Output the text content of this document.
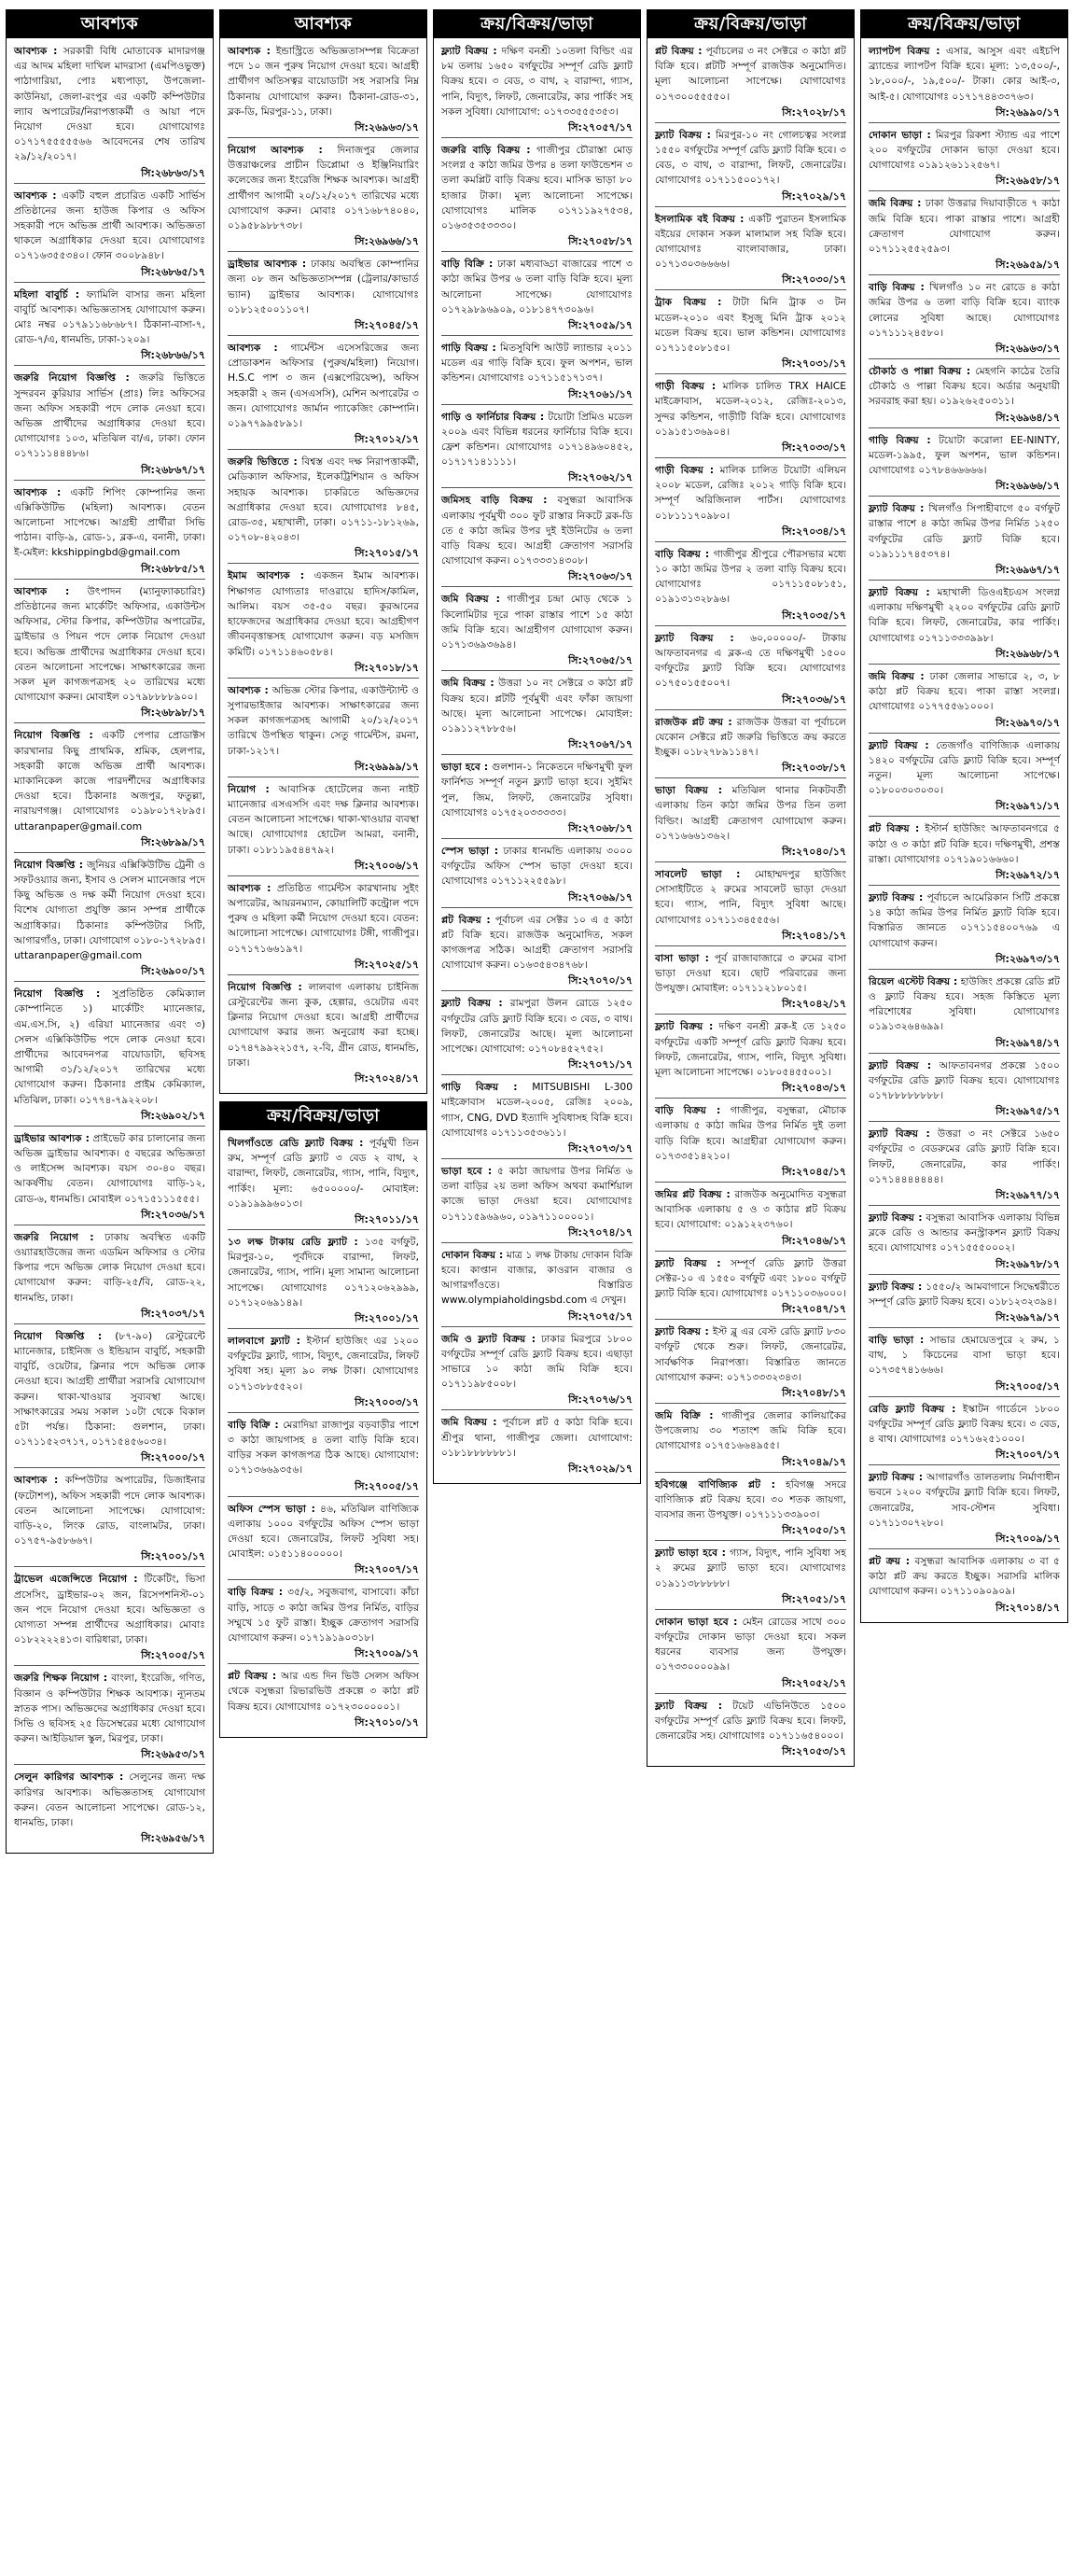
আবশ্যক
আবশ্যক : সরকারী বিধি মোতাবেক মাদারগঞ্জ এর আদম মহিলা দাখিল মাদরাসা (এমপিওভুক্ত) পাঠাগারিয়া, পোঃ মধ্যপাড়া, উপজেলা-কাউনিয়া, জেলা-রংপুর এর একটি কম্পিউটার ল্যাব অপারেটর/নিরাপত্তাকর্মী ও আয়া পদে নিয়োগ দেওয়া হবে। যোগাযোগঃ ০১৭১৭৫৫৫৫৫৬৬ আবেদনের শেষ তারিখ ২৯/১২/২০১৭।
সি:২৬৮৬৩/১৭
আবশ্যক : একটি বহুল প্রচারিত একটি সার্ভিস প্রতিষ্ঠানের জন্য হাউজ কিপার ও অফিস সহকারী পদে অভিজ্ঞ প্রার্থী আবশ্যক। অভিজ্ঞতা থাকলে অগ্রাধিকার দেওয়া হবে। যোগাযোগঃ ০১৭১৬৩৫৫৩৪০। ফোন ৩০০৮৯৪৮।
সি:২৬৮৬৫/১৭
মহিলা বাবুর্চি : ফ্যামিলি বাসার জন্য মহিলা বাবুর্চি আবশ্যক। অভিজ্ঞতাসহ যোগাযোগ করুন। মোঃ নম্বর ০১৭৯১১৬৮৬৮৭। ঠিকানা-বাসা-৭, রোড-৭/এ, ধানমন্ডি, ঢাকা-১২০৯।
সি:২৬৮৬৬/১৭
জরুরি নিয়োগ বিজ্ঞপ্তি : জরুরি ভিত্তিতে সুন্দরবন কুরিয়ার সার্ভিস (প্রাঃ) লিঃ অফিসের জন্য অফিস সহকারী পদে লোক নেওয়া হবে। অভিজ্ঞ প্রার্থীদের অগ্রাধিকার দেওয়া হবে। যোগাযোগঃ ১০৩, মতিঝিল বা/এ, ঢাকা। ফোন ০১৭১১১৪৪৪৮৬।
সি:২৬৮৬৭/১৭
আবশ্যক : একটি শিপিং কোম্পানির জন্য এক্সিকিউটিভ (মহিলা) আবশ্যক। বেতন আলোচনা সাপেক্ষে। আগ্রহী প্রার্থীরা সিভি পাঠান। বাড়ি-৯, রোড-১, ব্লক-এ, বনানী, ঢাকা। ই-মেইল: kkshippingbd@gmail.com
সি:২৬৮৮৫/১৭
আবশ্যক : উৎপাদন (ম্যানুফ্যাকচারিং) প্রতিষ্ঠানের জন্য মার্কেটিং অফিসার, একাউন্টস অফিসার, স্টোর কিপার, কম্পিউটার অপারেটর, ড্রাইভার ও পিয়ন পদে লোক নিয়োগ দেওয়া হবে। অভিজ্ঞ প্রার্থীদের অগ্রাধিকার দেওয়া হবে। বেতন আলোচনা সাপেক্ষে। সাক্ষাৎকারের জন্য সকল মূল কাগজপত্রসহ ২০ তারিখের মধ্যে যোগাযোগ করুন। মোবাইল ০১৭৯৮৮৮৮৯০০।
সি:২৬৮৯৮/১৭
নিয়োগ বিজ্ঞপ্তি : একটি পেপার প্রোডাক্টস কারখানার কিছু প্রাথমিক, শ্রমিক, হেলপার, সহকারী কাজে অভিজ্ঞ প্রার্থী আবশ্যক। ম্যাকানিকেল কাজে পারদর্শীদের অগ্রাধিকার দেওয়া হবে। ঠিকানাঃ অজপুর, ফতুল্লা, নারায়ণগঞ্জ। যোগাযোগঃ ০১৯৮০১৭২৮৯৫। uttaranpaper@gmail.com
সি:২৬৮৯৯/১৭
নিয়োগ বিজ্ঞপ্তি : জুনিয়র এক্সিকিউটিভ ট্রেনী ও সফটওয়্যার জন্য, ইসাব ও সেলস ম্যানেজার পদে কিছু অভিজ্ঞ ও দক্ষ কর্মী নিয়োগ দেওয়া হবে। বিশেষ যোগ্যতা প্রযুক্তি জ্ঞান সম্পন্ন প্রার্থীকে অগ্রাধিকার। ঠিকানাঃ কম্পিউটার সিটি, আগারগাঁও, ঢাকা। যোগাযোগ ০১৮০-১৭২৮৯৫। uttaranpaper@gmail.com
সি:২৬৯০০/১৭
নিয়োগ বিজ্ঞপ্তি : সুপ্রতিষ্ঠিত কেমিক্যাল কোম্পানিতে ১) মার্কেটিং ম্যানেজার, এম.এস.সি, ২) এরিয়া ম্যানেজার এবং ৩) সেলস এক্সিকিউটিভ পদে লোক নেওয়া হবে। প্রার্থীদের আবেদনপত্র বায়োডাটা, ছবিসহ আগামী ৩১/১২/২০১৭ তারিখের মধ্যে যোগাযোগ করুন। ঠিকানাঃ প্রাইম কেমিক্যাল, মতিঝিল, ঢাকা। ০১৭৭৪-৭৯২২০৮।
সি:২৬৯০২/১৭
ড্রাইভার আবশ্যক : প্রাইভেট কার চালানোর জন্য অভিজ্ঞ ড্রাইভার আবশ্যক। ৫ বছরের অভিজ্ঞতা ও লাইসেন্স আবশ্যক। বয়স ৩০-৪০ বছর। আকর্ষণীয় বেতন। যোগাযোগঃ বাড়ি-১২, রোড-৬, ধানমন্ডি। মোবাইল ০১৭১৫১১১৫৫৫।
সি:২৭০৩৬/১৭
জরুরি নিয়োগ : ঢাকায় অবস্থিত একটি ওয়্যারহাউজের জন্য এডমিন অফিসার ও স্টোর কিপার পদে অভিজ্ঞ লোক নিয়োগ দেওয়া হবে। যোগাযোগ করুন: বাড়ি-২৫/বি, রোড-২২, ধানমন্ডি, ঢাকা।
সি:২৭০৩৭/১৭
নিয়োগ বিজ্ঞপ্তি : (৮৭-৯০) রেস্টুরেন্টে ম্যানেজার, চাইনিজ ও ইন্ডিয়ান বাবুর্চি, সহকারী বাবুর্চি, ওয়েটার, ক্লিনার পদে অভিজ্ঞ লোক নেওয়া হবে। আগ্রহী প্রার্থীরা সরাসরি যোগাযোগ করুন। থাকা-খাওয়ার সুব্যবস্থা আছে। সাক্ষাৎকারের সময় সকাল ১০টা থেকে বিকাল ৫টা পর্যন্ত। ঠিকানা: গুলশান, ঢাকা। ০১৭১১৫২৩৭১৭, ০১৭১৫৪৫৬০৩৪।
সি:২৭০০০/১৭
আবশ্যক : কম্পিউটার অপারেটর, ডিজাইনার (ফটোশপ), অফিস সহকারী পদে লোক আবশ্যক। বেতন আলোচনা সাপেক্ষে। যোগাযোগ: বাড়ি-২০, লিংক রোড, বাংলামটর, ঢাকা। ০১৭৫৭-৯৫৮৬৬৭।
সি:২৭০০১/১৭
ট্রাভেল এজেন্সিতে নিয়োগ : টিকেটিং, ভিসা প্রসেসিং, ড্রাইভার-০২ জন, রিসেপশনিস্ট-০১ জন পদে নিয়োগ দেওয়া হবে। অভিজ্ঞতা ও যোগ্যতা সম্পন্ন প্রার্থীদের অগ্রাধিকার। মোবাঃ ০১৮২২২২৪১৩। বারিধারা, ঢাকা।
সি:২৭০০৫/১৭
জরুরি শিক্ষক নিয়োগ : বাংলা, ইংরেজি, গণিত, বিজ্ঞান ও কম্পিউটার শিক্ষক আবশ্যক। ন্যূনতম স্নাতক পাস। অভিজ্ঞদের অগ্রাধিকার দেওয়া হবে। সিভি ও ছবিসহ ২৫ ডিসেম্বরের মধ্যে যোগাযোগ করুন। আইডিয়াল স্কুল, মিরপুর, ঢাকা।
সি:২৬৯৫৩/১৭
সেলুন কারিগর আবশ্যক : সেলুনের জন্য দক্ষ কারিগর আবশ্যক। অভিজ্ঞতাসহ যোগাযোগ করুন। বেতন আলোচনা সাপেক্ষে। রোড-১২, ধানমন্ডি, ঢাকা।
সি:২৬৯৫৬/১৭
আবশ্যক
আবশ্যক : ইন্ডাস্ট্রিতে অভিজ্ঞতাসম্পন্ন বিক্রেতা পদে ১০ জন পুরুষ নিয়োগ দেওয়া হবে। আগ্রহী প্রার্থীগণ অতিসত্বর বায়োডাটা সহ সরাসরি নিম্ন ঠিকানায় যোগাযোগ করুন। ঠিকানা-রোড-৩১, ব্লক-ডি, মিরপুর-১১, ঢাকা।
সি:২৬৯৬৩/১৭
নিয়োগ আবশ্যক : দিনাজপুর জেলার উত্তরাঞ্চলের প্রাচীন ডিপ্লোমা ও ইঞ্জিনিয়ারিং কলেজের জন্য ইংরেজি শিক্ষক আবশ্যক। আগ্রহী প্রার্থীগণ আগামী ২০/১২/২০১৭ তারিখের মধ্যে যোগাযোগ করুন। মোবাঃ ০১৭১৬৮৭৪০৪০, ০১৯৫৮৯৮৮৭৩৮।
সি:২৬৯৬৬/১৭
ড্রাইভার আবশ্যক : ঢাকায় অবস্থিত কোম্পানির জন্য ০৮ জন অভিজ্ঞতাসম্পন্ন (ট্রেলার/কাভার্ড ভ্যান) ড্রাইভার আবশ্যক। যোগাযোগঃ ০১৮১২৫০০১১০৭।
সি:২৭০৪৫/১৭
আবশ্যক : গার্মেন্টস এসেসরিজের জন্য প্রোডাকশন অফিসার (পুরুষ/মহিলা) নিয়োগ। H.S.C পাশ ৩ জন (এক্সপেরিয়েন্স), অফিস সহকারী ২ জন (এসএসসি), মেশিন অপারেটর ৩ জন। যোগাযোগঃ জার্মান প্যাকেজিং কোম্পানি। ০১৯৭৭৯৯৫৮৯১।
সি:২৭০১২/১৭
জরুরি ভিত্তিতে : বিশ্বস্ত এবং দক্ষ নিরাপত্তাকর্মী, মেডিক্যাল অফিসার, ইলেকট্রিশিয়ান ও অফিস সহায়ক আবশ্যক। চাকরিতে অভিজ্ঞদের অগ্রাধিকার দেওয়া হবে। যোগাযোগঃ ৮৪৫, রোড-৩৫, মহাখালী, ঢাকা। ০১৭১১-১৮১২৬৯, ০১৭০৮-৪২০৪৩।
সি:২৭০১৫/১৭
ইমাম আবশ্যক : একজন ইমাম আবশ্যক। শিক্ষাগত যোগ্যতাঃ দাওরায়ে হাদিস/কামিল, আলিম। বয়স ৩৫-৫০ বছর। কুরআনের হাফেজদের অগ্রাধিকার দেওয়া হবে। আগ্রহীগণ জীবনবৃত্তান্তসহ যোগাযোগ করুন। বড় মসজিদ কমিটি। ০১৭১১৪৬০৫৮৪।
সি:২৭০১৮/১৭
আবশ্যক : অভিজ্ঞ স্টোর কিপার, একাউন্ট্যান্ট ও সুপারভাইজার আবশ্যক। সাক্ষাৎকারের জন্য সকল কাগজপত্রসহ আগামী ২০/১২/২০১৭ তারিখে উপস্থিত থাকুন। সেতু গার্মেন্টস, রমনা, ঢাকা-১২১৭।
সি:২৬৯৯৯/১৭
নিয়োগ : আবাসিক হোটেলের জন্য নাইট ম্যানেজার এসএসসি এবং দক্ষ ক্লিনার আবশ্যক। বেতন আলোচনা সাপেক্ষে। থাকা-খাওয়ার ব্যবস্থা আছে। যোগাযোগঃ হোটেল আমরা, বনানী, ঢাকা। ০১৮১১৯৫৪৪৭৯২।
সি:২৭০০৬/১৭
আবশ্যক : প্রতিষ্ঠিত গার্মেন্টস কারখানায় সুইং অপারেটর, আয়রনম্যান, কোয়ালিটি কন্ট্রোল পদে পুরুষ ও মহিলা কর্মী নিয়োগ দেওয়া হবে। বেতন: আলোচনা সাপেক্ষে। যোগাযোগঃ টঙ্গী, গাজীপুর। ০১৭১৭১৬৬১৯৭।
সি:২৭০২৫/১৭
নিয়োগ বিজ্ঞপ্তি : লালবাগ এলাকায় চাইনিজ রেস্টুরেন্টের জন্য কুক, হেল্পার, ওয়েটার এবং ক্লিনার নিয়োগ দেওয়া হবে। আগ্রহী প্রার্থীদের যোগাযোগ করার জন্য অনুরোধ করা হচ্ছে। ০১৭৪৭৯৯২২১৫৭, ২-বি, গ্রীন রোড, ধানমন্ডি, ঢাকা।
সি:২৭০২৪/১৭
ক্রয়/বিক্রয়/ভাড়া
খিলগাঁওতে রেডি ফ্ল্যাট বিক্রয় : পূর্বমুখী তিন রুম, সম্পূর্ণ রেডি ফ্ল্যাট ৩ বেড ২ বাথ, ২ বারান্দা, লিফট, জেনারেটর, গ্যাস, পানি, বিদ্যুৎ, পার্কিং। মূল্য: ৬৫০০০০০/- মোবাইল: ০১৯১৯৯৯৬০১৩।
সি:২৭০১১/১৭
১৩ লক্ষ টাকায় রেডি ফ্ল্যাট : ১৩৫ বর্গফুট, মিরপুর-১০, পূর্বদিকে বারান্দা, লিফট, জেনারেটর, গ্যাস, পানি। মূল্য সামান্য আলোচনা সাপেক্ষে। যোগাযোগঃ ০১৭১২০৬২৯৯৯, ০১৭১২০৬৯১৪৯।
সি:২৭০০১/১৭
লালবাগে ফ্ল্যাট : ইস্টার্ন হাউজিং এর ১২০০ বর্গফুটের ফ্ল্যাট, গ্যাস, বিদ্যুৎ, জেনারেটর, লিফট সুবিধা সহ। মূল্য ৯০ লক্ষ টাকা। যোগাযোগঃ ০১৭১৩৮৮৫৫২০।
সি:২৭০০৩/১৭
বাড়ি বিক্রি : মেরাদিয়া রাজাপুর বড়বাড়ীর পাশে ৩ কাঠা জায়গাসহ ৪ তলা বাড়ি বিক্রি হবে। বাড়ির সকল কাগজপত্র ঠিক আছে। যোগাযোগ: ০১৭১৩৬৬৯৩৫৬।
সি:২৭০০৫/১৭
অফিস স্পেস ভাড়া : ৪৬, মতিঝিল বাণিজ্যিক এলাকায় ১০০০ বর্গফুটের অফিস স্পেস ভাড়া দেওয়া হবে। জেনারেটর, লিফট সুবিধা সহ। মোবাইল: ০১৫১১৪০০০০০।
সি:২৭০০৭/১৭
বাড়ি বিক্রয় : ৩৫/২, সবুজবাগ, বাসাবো। কাঁচা বাড়ি, সাড়ে ৩ কাঠা জমির উপর নির্মিত, বাড়ির সম্মুখে ১৫ ফুট রাস্তা। ইচ্ছুক ক্রেতাগণ সরাসরি যোগাযোগ করুন। ০১৭১৯১৯০৩১৮।
সি:২৭০০৯/১৭
প্লট বিক্রয় : আর এন্ড দিন ভিউ সেলস অফিস থেকে বসুন্ধরা রিভারভিউ প্রকল্পে ৩ কাঠা প্লট বিক্রয় হবে। যোগাযোগঃ ০১৭২৩০০০০০১।
সি:২৭০১০/১৭
ক্রয়/বিক্রয়/ভাড়া
ফ্ল্যাট বিক্রয় : দক্ষিণ বনশ্রী ১০তলা বিল্ডিং এর ৮ম তলায় ১৬৫০ বর্গফুটের সম্পূর্ণ রেডি ফ্ল্যাট বিক্রয় হবে। ৩ বেড, ৩ বাথ, ২ বারান্দা, গ্যাস, পানি, বিদ্যুৎ, লিফট, জেনারেটর, কার পার্কিং সহ সকল সুবিধা। যোগাযোগ: ০১৭৩৩৫৫৫৩৫৩।
সি:২৭০৫৭/১৭
জরুরি বাড়ি বিক্রয় : গাজীপুর চৌরাস্তা মোড় সংলগ্ন ৫ কাঠা জমির উপর ৪ তলা ফাউন্ডেশন ৩ তলা কমপ্লিট বাড়ি বিক্রয় হবে। মাসিক ভাড়া ৮০ হাজার টাকা। মূল্য আলোচনা সাপেক্ষে। যোগাযোগঃ মালিক ০১৭১১৯২৭৫৩৪, ০১৬৩৫৩৫৩৩৩০।
সি:২৭০৫৮/১৭
বাড়ি বিক্রি : ঢাকা মধ্যবাড্ডা বাজারের পাশে ৩ কাঠা জমির উপর ৬ তলা বাড়ি বিক্রি হবে। মূল্য আলোচনা সাপেক্ষে। যোগাযোগঃ ০১৭২৯৮৯৬৯০৯, ০১৮১৪৭৭৩০৯৬।
সি:২৭০৫৯/১৭
গাড়ি বিক্রয় : মিতসুবিশি আউট ল্যান্ডার ২০১১ মডেল এর গাড়ি বিক্রি হবে। ফুল অপশন, ভাল কন্ডিশন। যোগাযোগঃ ০১৭১১৫১৭১৩৭।
সি:২৭০৬১/১৭
গাড়ি ও ফার্নিচার বিক্রয় : টয়োটা প্রিমিও মডেল ২০০৯ এবং বিভিন্ন ধরনের ফার্নিচার বিক্রি হবে। ফ্রেশ কন্ডিশন। যোগাযোগঃ ০১৭১৪৯৬০৪৫২, ০১৭১৭১৪১১১১।
সি:২৭০৬২/১৭
জমিসহ বাড়ি বিক্রয় : বসুন্ধরা আবাসিক এলাকায় পূর্বমুখী ৩০০ ফুট রাস্তার নিকটে ব্লক-ডি তে ৫ কাঠা জমির উপর দুই ইউনিটের ৬ তলা বাড়ি বিক্রয় হবে। আগ্রহী ক্রেতাগণ সরাসরি যোগাযোগ করুন। ০১৭৩৩৩১৪৩০৮।
সি:২৭০৬৩/১৭
জমি বিক্রয় : গাজীপুর চন্দ্রা মোড় থেকে ১ কিলোমিটার দূরে পাকা রাস্তার পাশে ১৫ কাঠা জমি বিক্রি হবে। আগ্রহীগণ যোগাযোগ করুন। ০১৭১৩৬৯৩৬৯৪।
সি:২৭০৬৫/১৭
জমি বিক্রয় : উত্তরা ১০ নং সেক্টরে ৩ কাঠা প্লট বিক্রয় হবে। প্লটটি পূর্বমুখী এবং ফাঁকা জায়গা আছে। মূল্য আলোচনা সাপেক্ষে। মোবাইল: ০১৯১১২৭৮৮৫৬।
সি:২৭০৬৭/১৭
ভাড়া হবে : গুলশান-১ নিকেতনে দক্ষিণমুখী ফুল ফার্নিশড সম্পূর্ণ নতুন ফ্ল্যাট ভাড়া হবে। সুইমিং পুল, জিম, লিফট, জেনারেটর সুবিধা। যোগাযোগঃ ০১৭৫২০৩৩৩৩৩।
সি:২৭০৬৮/১৭
স্পেস ভাড়া : ঢাকার ধানমন্ডি এলাকায় ৩০০০ বর্গফুটের অফিস স্পেস ভাড়া দেওয়া হবে। যোগাযোগঃ ০১৭১১২২৫৫৯৮।
সি:২৭০৬৯/১৭
প্লট বিক্রয় : পূর্বাচল এর সেক্টর ১০ এ ৫ কাঠা প্লট বিক্রি হবে। রাজউক অনুমোদিত, সকল কাগজপত্র সঠিক। আগ্রহী ক্রেতাগণ সরাসরি যোগাযোগ করুন। ০১৬৩৫৪৩৪৭৬৮।
সি:২৭০৭০/১৭
ফ্ল্যাট বিক্রয় : রামপুরা উলন রোডে ১২৫০ বর্গফুটের রেডি ফ্ল্যাট বিক্রি হবে। ৩ বেড, ৩ বাথ। লিফট, জেনারেটর আছে। মূল্য আলোচনা সাপেক্ষে। যোগাযোগ: ০১৭০৮৪৫২৭৫২।
সি:২৭০৭১/১৭
গাড়ি বিক্রয় : MITSUBISHI L-300 মাইক্রোবাস মডেল-২০০৫, রেজিঃ ২০০৯, গ্যাস, CNG, DVD ইত্যাদি সুবিধাসহ বিক্রি হবে। যোগাযোগঃ ০১৭১১৩৫৩৬১১।
সি:২৭০৭৩/১৭
ভাড়া হবে : ৫ কাঠা জায়গার উপর নির্মিত ৬ তলা বাড়ির ২য় তলা অফিস অথবা কমার্শিয়াল কাজে ভাড়া দেওয়া হবে। যোগাযোগঃ ০১৭১১৫৯৬৯৬০, ০১৯৭১১০০০০১।
সি:২৭০৭৪/১৭
দোকান বিক্রয় : মাত্র ১ লক্ষ টাকায় দোকান বিক্রি হবে। কাপ্তান বাজার, কাওরান বাজার ও আগারগাঁওতে। বিস্তারিত www.olympiaholdingsbd.com এ দেখুন।
সি:২৭০৭৫/১৭
জমি ও ফ্ল্যাট বিক্রয় : ঢাকার মিরপুরে ১৮০০ বর্গফুটের সম্পূর্ণ রেডি ফ্ল্যাট বিক্রয় হবে। এছাড়া সাভারে ১০ কাঠা জমি বিক্রি হবে। ০১৭১১৯৮৫০০৮।
সি:২৭০৭৬/১৭
জমি বিক্রয় : পূর্বাচল প্লট ৫ কাঠা বিক্রি হবে। শ্রীপুর থানা, গাজীপুর জেলা। যোগাযোগ: ০১৮১৮৮৮৮৮৮১।
সি:২৭০২৯/১৭
ক্রয়/বিক্রয়/ভাড়া
প্লট বিক্রয় : পূর্বাচলের ৩ নং সেক্টরে ৩ কাঠা প্লট বিক্রি হবে। প্লটটি সম্পূর্ণ রাজউক অনুমোদিত। মূল্য আলোচনা সাপেক্ষে। যোগাযোগঃ ০১৭৩০০৫৫৫৫০।
সি:২৭০২৮/১৭
ফ্ল্যাট বিক্রয় : মিরপুর-১০ নং গোলচত্বর সংলগ্ন ১৫৫০ বর্গফুটের সম্পূর্ণ রেডি ফ্ল্যাট বিক্রি হবে। ৩ বেড, ৩ বাথ, ৩ বারান্দা, লিফট, জেনারেটর। যোগাযোগঃ ০১৭১১৫০০১৭২।
সি:২৭০২৯/১৭
ইসলামিক বই বিক্রয় : একটি পুরাতন ইসলামিক বইয়ের দোকান সকল মালামাল সহ বিক্রি হবে। যোগাযোগঃ বাংলাবাজার, ঢাকা। ০১৭১৩০৩৬৬৬৬।
সি:২৭০৩০/১৭
ট্রাক বিক্রয় : টাটা মিনি ট্রাক ৩ টন মডেল-২০১০ এবং ইসুজু মিনি ট্রাক ২০১২ মডেল বিক্রয় হবে। ভাল কন্ডিশন। যোগাযোগঃ ০১৭১১৫০৮১৫০।
সি:২৭০৩১/১৭
গাড়ী বিক্রয় : মালিক চালিত TRX HAICE মাইক্রোবাস, মডেল-২০১২, রেজিঃ-২০১৩, সুন্দর কন্ডিশন, গাড়ীটি বিক্রি হবে। যোগাযোগঃ ০১৯১৫১৩৬৯০৪।
সি:২৭০৩৩/১৭
গাড়ী বিক্রয় : মালিক চালিত টয়োটা এলিয়ন ২০০৮ মডেল, রেজিঃ ২০১২ গাড়ি বিক্রি হবে। সম্পূর্ণ অরিজিনাল পার্টস। যোগাযোগঃ ০১৮১১১৭০৯৮০।
সি:২৭০৩৪/১৭
বাড়ি বিক্রয় : গাজীপুর শ্রীপুরে পৌরসভার মধ্যে ১০ কাঠা জমির উপর ২ তলা বাড়ি বিক্রয় হবে। যোগাযোগঃ ০১৭১১৫০৮১৫১, ০১৯১৩১৩২৮৯৬।
সি:২৭০৩৫/১৭
ফ্ল্যাট বিক্রয় : ৬০,০০০০০/- টাকায় আফতাবনগর এ ব্লক-এ তে দক্ষিণমুখী ১৫০০ বর্গফুটের ফ্ল্যাট বিক্রি হবে। যোগাযোগঃ ০১৭৫০১৫৫০০৭।
সি:২৭০৩৬/১৭
রাজউক প্লট ক্রয় : রাজউক উত্তরা বা পূর্বাচলে যেকোন সেক্টরে প্লট জরুরি ভিত্তিতে ক্রয় করতে ইচ্ছুক। ০১৮২৭৮৯১১৪৭।
সি:২৭০৩৮/১৭
ভাড়া বিক্রয় : মতিঝিল থানার নিকটবর্তী এলাকায় তিন কাঠা জমির উপর তিন তলা বিল্ডিং। আগ্রহী ক্রেতাগণ যোগাযোগ করুন। ০১৭১৬৬৬১৩৬২।
সি:২৭০৪০/১৭
সাবলেট ভাড়া : মোহাম্মদপুর হাউজিং সোসাইটিতে ২ রুমের সাবলেট ভাড়া দেওয়া হবে। গ্যাস, পানি, বিদ্যুৎ সুবিধা আছে। যোগাযোগঃ ০১৭১১৩৪৫৫৫৬।
সি:২৭০৪১/১৭
বাসা ভাড়া : পূর্ব রাজাবাজারে ৩ রুমের বাসা ভাড়া দেওয়া হবে। ছোট পরিবারের জন্য উপযুক্ত। মোবাইল: ০১৭১১২১৮০১৫।
সি:২৭০৪২/১৭
ফ্ল্যাট বিক্রয় : দক্ষিণ বনশ্রী ব্লক-ই তে ১২৫০ বর্গফুটের একটি সম্পূর্ণ রেডি ফ্ল্যাট বিক্রয় হবে। লিফট, জেনারেটর, গ্যাস, পানি, বিদ্যুৎ সুবিধা। মূল্য আলোচনা সাপেক্ষে। ০১৮০৫৪৫৫০০১।
সি:২৭০৪৩/১৭
বাড়ি বিক্রয় : গাজীপুর, বসুন্ধরা, মৌচাক এলাকায় ৫ কাঠা জমির উপর নির্মিত দুই তলা বাড়ি বিক্রি হবে। আগ্রহীরা যোগাযোগ করুন। ০১৭৩৩৫১৪২১০।
সি:২৭০৪৫/১৭
জমির প্লট বিক্রয় : রাজউক অনুমোদিত বসুন্ধরা আবাসিক এলাকায় ৫ ও ৩ কাঠার প্লট বিক্রয় হবে। যোগাযোগ: ০১৯১২২৩৭৬০।
সি:২৭০৪৬/১৭
ফ্ল্যাট বিক্রয় : সম্পূর্ণ রেডি ফ্ল্যাট উত্তরা সেক্টর-১০ এ ১৫৫০ বর্গফুট এবং ১৮০০ বর্গফুট ফ্ল্যাট বিক্রি হবে। যোগাযোগঃ ০১৭১১০৩৬০০০।
সি:২৭০৪৭/১৭
ফ্ল্যাট বিক্রয় : ইস্ট ব্লু এর বেস্ট রেডি ফ্ল্যাট ৮৩০ বর্গফুট থেকে শুরু। লিফট, জেনারেটর, সার্বক্ষণিক নিরাপত্তা। বিস্তারিত জানতে যোগাযোগ করুন: ০১৭১৩৩৩২৩৪৩।
সি:২৭০৪৮/১৭
জমি বিক্রি : গাজীপুর জেলার কালিয়াকৈর উপজেলায় ৩০ শতাংশ জমি বিক্রি হবে। যোগাযোগঃ ০১৭৫১৬৬৪৯৫৫।
সি:২৭০৪৯/১৭
হবিগঞ্জে বাণিজ্যিক প্লট : হবিগঞ্জ সদরে বাণিজ্যিক প্লট বিক্রয় হবে। ৩০ শতক জায়গা, ব্যবসার জন্য উপযুক্ত। ০১৭১১১৩৩৯০৩।
সি:২৭০৫০/১৭
ফ্ল্যাট ভাড়া হবে : গ্যাস, বিদ্যুৎ, পানি সুবিধা সহ ২ রুমের ফ্ল্যাট ভাড়া হবে। যোগাযোগঃ ০১৯১১৩৮৮৮৮৮।
সি:২৭০৫১/১৭
দোকান ভাড়া হবে : মেইন রোডের সাথে ৩০০ বর্গফুটের দোকান ভাড়া দেওয়া হবে। সকল ধরনের ব্যবসার জন্য উপযুক্ত। ০১৭৩৩০০০০৯৯।
সি:২৭০৫২/১৭
ফ্ল্যাট বিক্রয় : টয়েট এভিনিউতে ১৫০০ বর্গফুটের সম্পূর্ণ রেডি ফ্ল্যাট বিক্রয় হবে। লিফট, জেনারেটর সহ। যোগাযোগঃ ০১৭১১৬৫৪০০০।
সি:২৭০৫৩/১৭
ক্রয়/বিক্রয়/ভাড়া
ল্যাপটপ বিক্রয় : এসার, আসুস এবং এইচপি ব্র্যান্ডের ল্যাপটপ বিক্রি হবে। মূল্য: ১৩,৫০০/-, ১৮,০০০/-, ১৯,৫০০/- টাকা। কোর আই-৩, আই-৫। যোগাযোগঃ ০১৭১৭৪৪৩৩৭৬৩।
সি:২৬৯৯০/১৭
দোকান ভাড়া : মিরপুর রিকশা স্ট্যান্ড এর পাশে ২০০ বর্গফুটের দোকান ভাড়া দেওয়া হবে। যোগাযোগঃ ০১৯১২৬১১২৫৬৭।
সি:২৬৯৫৮/১৭
জমি বিক্রয় : ঢাকা উত্তরার দিয়াবাড়ীতে ৭ কাঠা জমি বিক্রি হবে। পাকা রাস্তার পাশে। আগ্রহী ক্রেতাগণ যোগাযোগ করুন। ০১৭১১২৫৫২৫৯৩।
সি:২৬৯৫৯/১৭
বাড়ি বিক্রয় : খিলগাঁও ১০ নং রোডে ৪ কাঠা জমির উপর ৬ তলা বাড়ি বিক্রি হবে। ব্যাংক লোনের সুবিধা আছে। যোগাযোগঃ ০১৭১১১২৪৫৮০।
সি:২৬৯৬৩/১৭
চৌকাঠ ও পাল্লা বিক্রয় : মেহগনি কাঠের তৈরি চৌকাঠ ও পাল্লা বিক্রয় হবে। অর্ডার অনুযায়ী সরবরাহ করা হয়। ০১৯২৬২৫০৩১১।
সি:২৬৯৬৪/১৭
গাড়ি বিক্রয় : টয়োটা করোলা EE-NINTY, মডেল-১৯৯৫, ফুল অপশন, ভাল কন্ডিশন। যোগাযোগঃ ০১৭৮৪৬৬৬৬৬।
সি:২৬৯৬৬/১৭
ফ্ল্যাট বিক্রয় : খিলগাঁও সিপাহীবাগে ৫০ বর্গফুট রাস্তার পাশে ৪ কাঠা জমির উপর নির্মিত ১২৫০ বর্গফুটের রেডি ফ্ল্যাট বিক্রি হবে। ০১৯১১১৭৪৫৩৭৪।
সি:২৬৯৬৭/১৭
ফ্ল্যাট বিক্রয় : মহাখালী ডিওএইচএস সংলগ্ন এলাকায় দক্ষিণমুখী ২২০০ বর্গফুটের রেডি ফ্ল্যাট বিক্রি হবে। লিফট, জেনারেটর, কার পার্কিং। যোগাযোগঃ ০১৭১১৩৩৩৯৯৮।
সি:২৬৯৬৮/১৭
জমি বিক্রয় : ঢাকা জেলার সাভারে ২, ৩, ৮ কাঠা প্লট বিক্রয় হবে। পাকা রাস্তা সংলগ্ন। যোগাযোগঃ ০১৭৭৫৫৬১০০০।
সি:২৬৯৭০/১৭
ফ্ল্যাট বিক্রয় : তেজগাঁও বাণিজ্যিক এলাকায় ১৪২০ বর্গফুটের রেডি ফ্ল্যাট বিক্রি হবে। সম্পূর্ণ নতুন। মূল্য আলোচনা সাপেক্ষে। ০১৮০০৩০৩০৩০।
সি:২৬৯৭১/১৭
প্লট বিক্রয় : ইস্টার্ন হাউজিং আফতাবনগরে ৫ কাঠা ও ৩ কাঠা প্লট বিক্রি হবে। দক্ষিণমুখী, প্রশস্ত রাস্তা। যোগাযোগঃ ০১৭১৯০১৬৬৬০।
সি:২৬৯৭২/১৭
ফ্ল্যাট বিক্রয় : পূর্বাচলে আমেরিকান সিটি প্রকল্পে ১৪ কাঠা জমির উপর নির্মিত ফ্ল্যাট বিক্রি হবে। বিস্তারিত জানতে ০১৭১১৫৪০০৭৬৯ এ যোগাযোগ করুন।
সি:২৬৯৭৩/১৭
রিয়েল এস্টেট বিক্রয় : হাউজিং প্রকল্পে রেডি প্লট ও ফ্ল্যাট বিক্রয় হবে। সহজ কিস্তিতে মূল্য পরিশোধের সুবিধা। যোগাযোগঃ ০১৯১৩২৬৪৬৯৯।
সি:২৬৯৭৪/১৭
ফ্ল্যাট বিক্রয় : আফতাবনগর প্রকল্পে ১৫০০ বর্গফুটের রেডি ফ্ল্যাট বিক্রয় হবে। যোগাযোগঃ ০১৭৮৮৮৮৮৮৮৮।
সি:২৬৯৭৫/১৭
ফ্ল্যাট বিক্রয় : উত্তরা ৩ নং সেক্টরে ১৬৫০ বর্গফুটের ৩ বেডরুমের রেডি ফ্ল্যাট বিক্রি হবে। লিফট, জেনারেটর, কার পার্কিং। ০১৭১৪৪৪৪৪৪৪।
সি:২৬৯৭৭/১৭
ফ্ল্যাট বিক্রয় : বসুন্ধরা আবাসিক এলাকায় বিভিন্ন ব্লকে রেডি ও আন্ডার কনস্ট্রাকশন ফ্ল্যাট বিক্রয় হবে। যোগাযোগঃ ০১৭১৫৫৫০০০২।
সি:২৬৯৭৮/১৭
ফ্ল্যাট বিক্রয় : ১৫৫০/২ আমবাগানে সিদ্ধেশ্বরীতে সম্পূর্ণ রেডি ফ্ল্যাট বিক্রয় হবে। ০১৮১২৩২৩৯৪।
সি:২৬৯৭৯/১৭
বাড়ি ভাড়া : সাভার হেমায়েতপুরে ২ রুম, ১ বাথ, ১ কিচেনের বাসা ভাড়া হবে। ০১৭৩৫৭৪১৬৬৬।
সি:২৭০০৫/১৭
রেডি ফ্ল্যাট বিক্রয় : ইস্কাটন গার্ডেনে ১৮০০ বর্গফুটের সম্পূর্ণ রেডি ফ্ল্যাট বিক্রয় হবে। ৩ বেড, ৪ বাথ। যোগাযোগঃ ০১৭১৬২৫১০০০।
সি:২৭০০৭/১৭
ফ্ল্যাট বিক্রয় : আগারগাঁও তালতলায় নির্মাণাধীন ভবনে ১২০০ বর্গফুটের ফ্ল্যাট বিক্রি হবে। লিফট, জেনারেটর, সাব-স্টেশন সুবিধা। ০১৭১১৩০৭২৮০।
সি:২৭০০৯/১৭
প্লট ক্রয় : বসুন্ধরা আবাসিক এলাকায় ৩ বা ৫ কাঠা প্লট ক্রয় করতে ইচ্ছুক। সরাসরি মালিক যোগাযোগ করুন। ০১৭১১০৯০৯০৯।
সি:২৭০১৪/১৭
